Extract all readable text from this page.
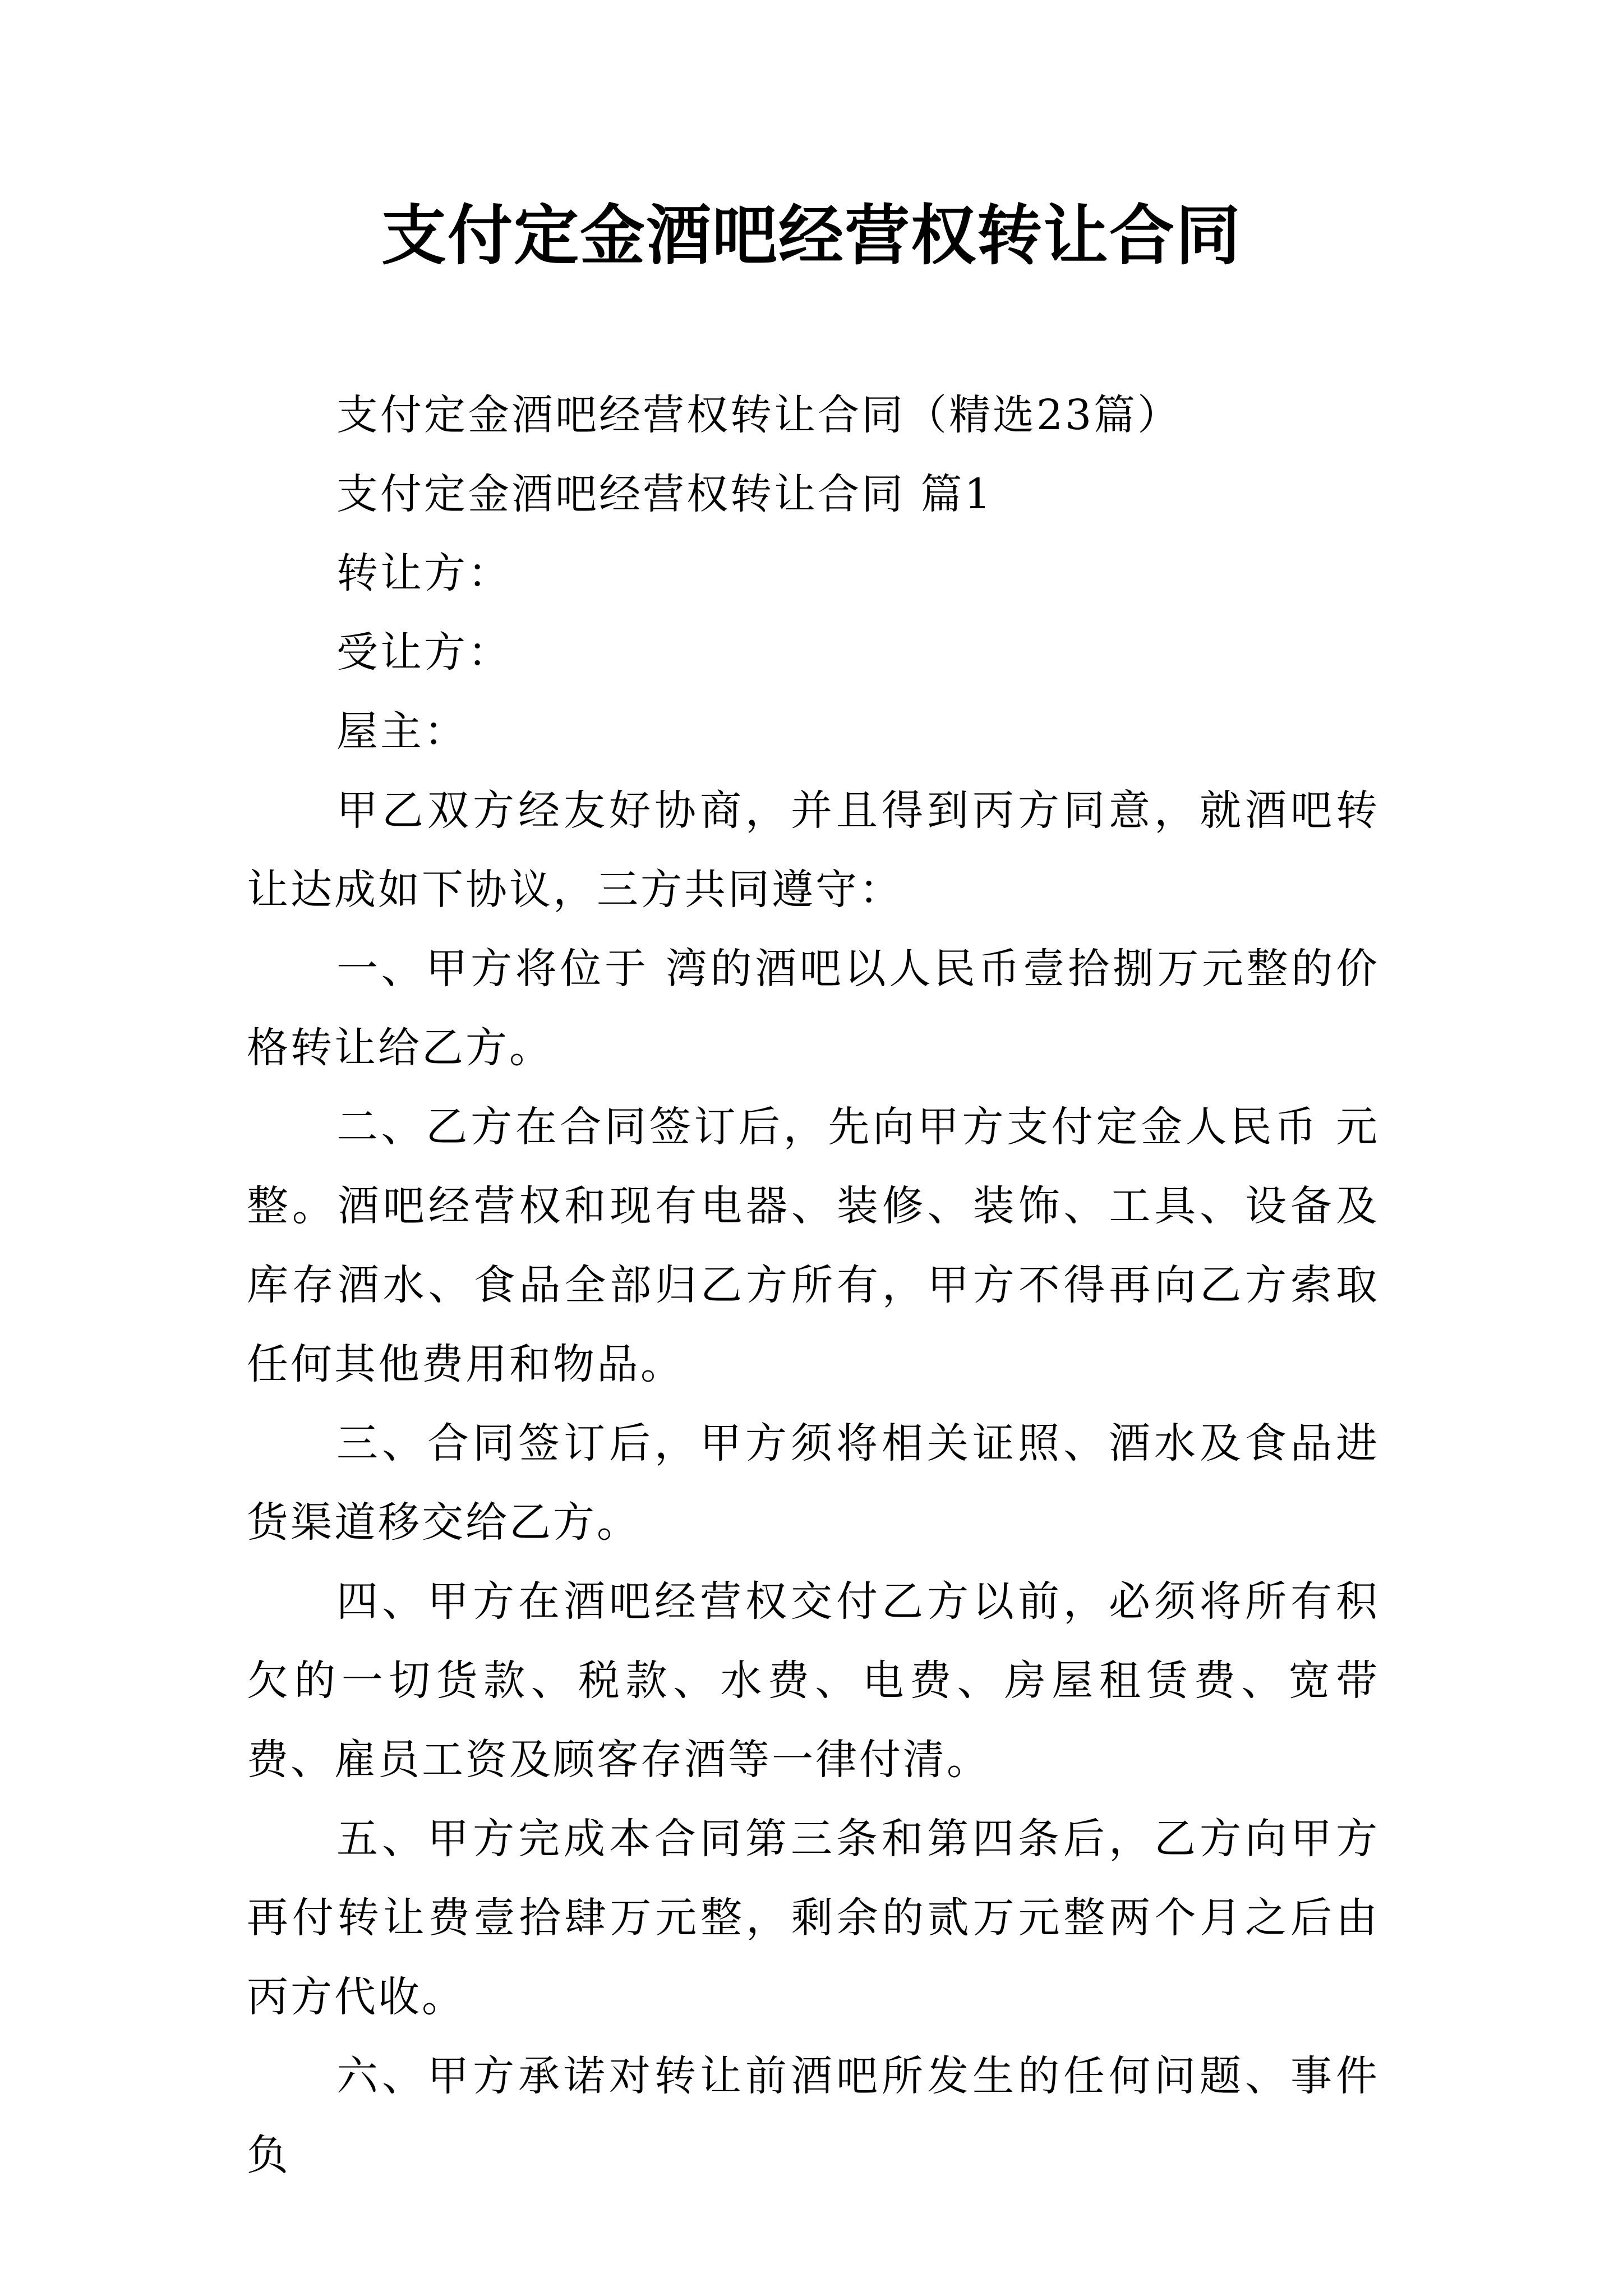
支付定金酒吧经营权转让合同

支付定金酒吧经营权转让合同（精选23篇）

支付定金酒吧经营权转让合同 篇1

转让方：

受让方：

屋主：

甲乙双方经友好协商，并且得到丙方同意，就酒吧转让达成如下协议，三方共同遵守：

一、甲方将位于 湾的酒吧以人民币壹拾捌万元整的价格转让给乙方。

二、乙方在合同签订后，先向甲方支付定金人民币 元整。酒吧经营权和现有电器、装修、装饰、工具、设备及库存酒水、食品全部归乙方所有，甲方不得再向乙方索取任何其他费用和物品。

三、合同签订后，甲方须将相关证照、酒水及食品进货渠道移交给乙方。

四、甲方在酒吧经营权交付乙方以前，必须将所有积欠的一切货款、税款、水费、电费、房屋租赁费、宽带费、雇员工资及顾客存酒等一律付清。

五、甲方完成本合同第三条和第四条后，乙方向甲方再付转让费壹拾肆万元整，剩余的贰万元整两个月之后由丙方代收。

六、甲方承诺对转让前酒吧所发生的任何问题、事件负
